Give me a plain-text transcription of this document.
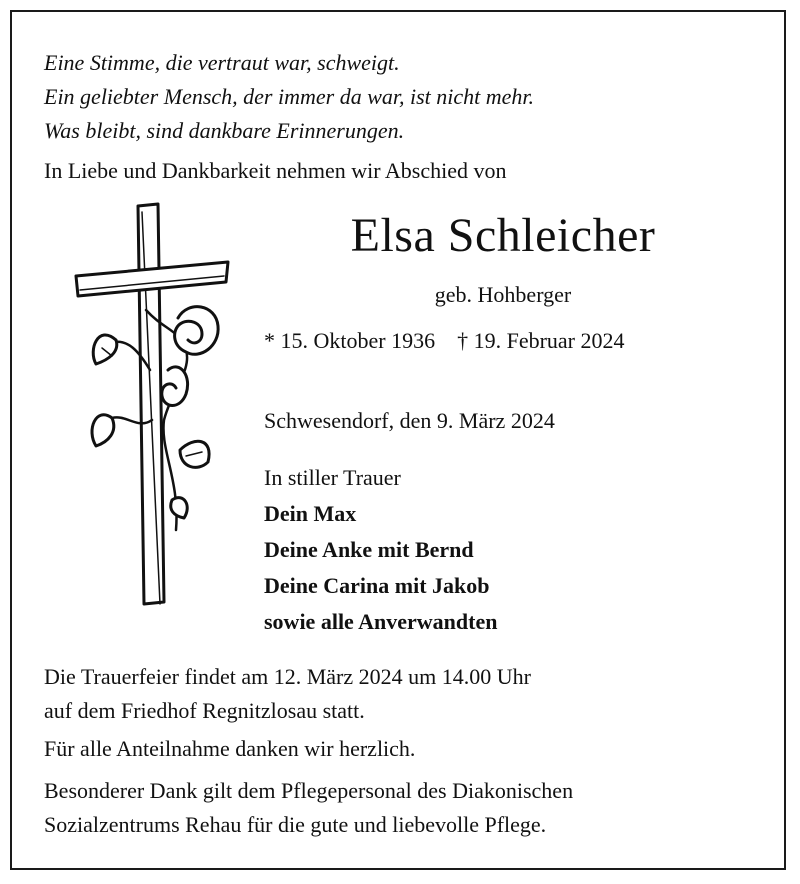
Eine Stimme, die vertraut war, schweigt.
Ein geliebter Mensch, der immer da war, ist nicht mehr.
Was bleibt, sind dankbare Erinnerungen.
In Liebe und Dankbarkeit nehmen wir Abschied von
Elsa Schleicher
geb. Hohberger
* 15. Oktober 1936 † 19. Februar 2024
Schwesendorf, den 9. März 2024
In stiller Trauer
Dein Max
Deine Anke mit Bernd
Deine Carina mit Jakob
sowie alle Anverwandten
Die Trauerfeier findet am 12. März 2024 um 14.00 Uhr
auf dem Friedhof Regnitzlosau statt.
Für alle Anteilnahme danken wir herzlich.
Besonderer Dank gilt dem Pflegepersonal des Diakonischen
Sozialzentrums Rehau für die gute und liebevolle Pflege.
